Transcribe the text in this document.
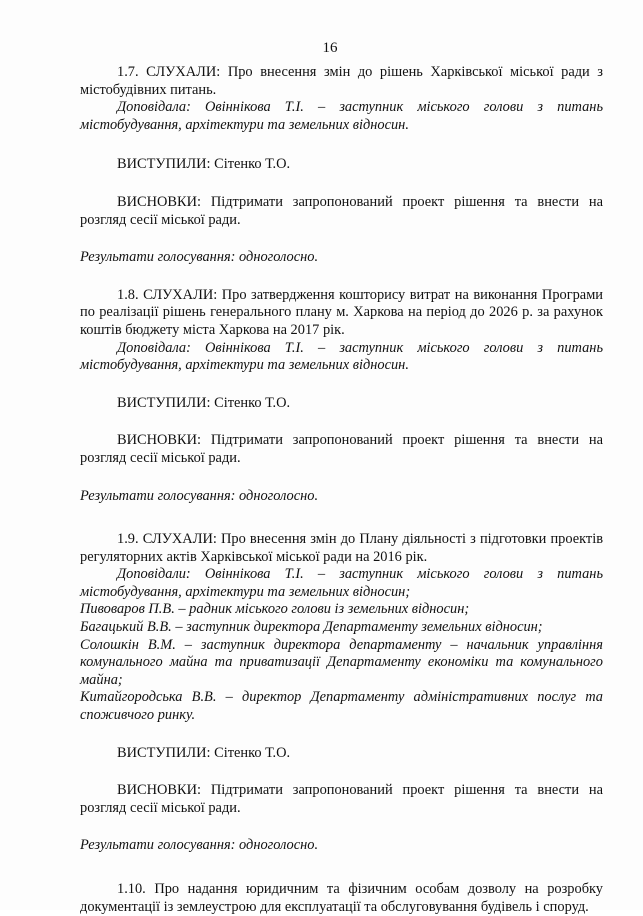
16

1.7. СЛУХАЛИ: Про внесення змін до рішень Харківської міської ради з містобудівних питань.

Доповідала: Овіннікова Т.І. – заступник міського голови з питань містобудування, архітектури та земельних відносин.

ВИСТУПИЛИ: Сітенко Т.О.

ВИСНОВКИ: Підтримати запропонований проект рішення та внести на розгляд сесії міської ради.

Результати голосування: одноголосно.

1.8. СЛУХАЛИ: Про затвердження кошторису витрат на виконання Програми по реалізації рішень генерального плану м. Харкова на період до 2026 р. за рахунок коштів бюджету міста Харкова на 2017 рік.

Доповідала: Овіннікова Т.І. – заступник міського голови з питань містобудування, архітектури та земельних відносин.

ВИСТУПИЛИ: Сітенко Т.О.

ВИСНОВКИ: Підтримати запропонований проект рішення та внести на розгляд сесії міської ради.

Результати голосування: одноголосно.

1.9. СЛУХАЛИ: Про внесення змін до Плану діяльності з підготовки проектів регуляторних актів Харківської міської ради на 2016 рік.

Доповідали: Овіннікова Т.І. – заступник міського голови з питань містобудування, архітектури та земельних відносин;

Пивоваров П.В. – радник міського голови із земельних відносин;

Багацький В.В. – заступник директора Департаменту земельних відносин;

Солошкін В.М. – заступник директора департаменту – начальник управління комунального майна та приватизації Департаменту економіки та комунального майна;

Китайгородська В.В. – директор Департаменту адміністративних послуг та споживчого ринку.

ВИСТУПИЛИ: Сітенко Т.О.

ВИСНОВКИ: Підтримати запропонований проект рішення та внести на розгляд сесії міської ради.

Результати голосування: одноголосно.

1.10. Про надання юридичним та фізичним особам дозволу на розробку документації із землеустрою для експлуатації та обслуговування будівель і споруд.
